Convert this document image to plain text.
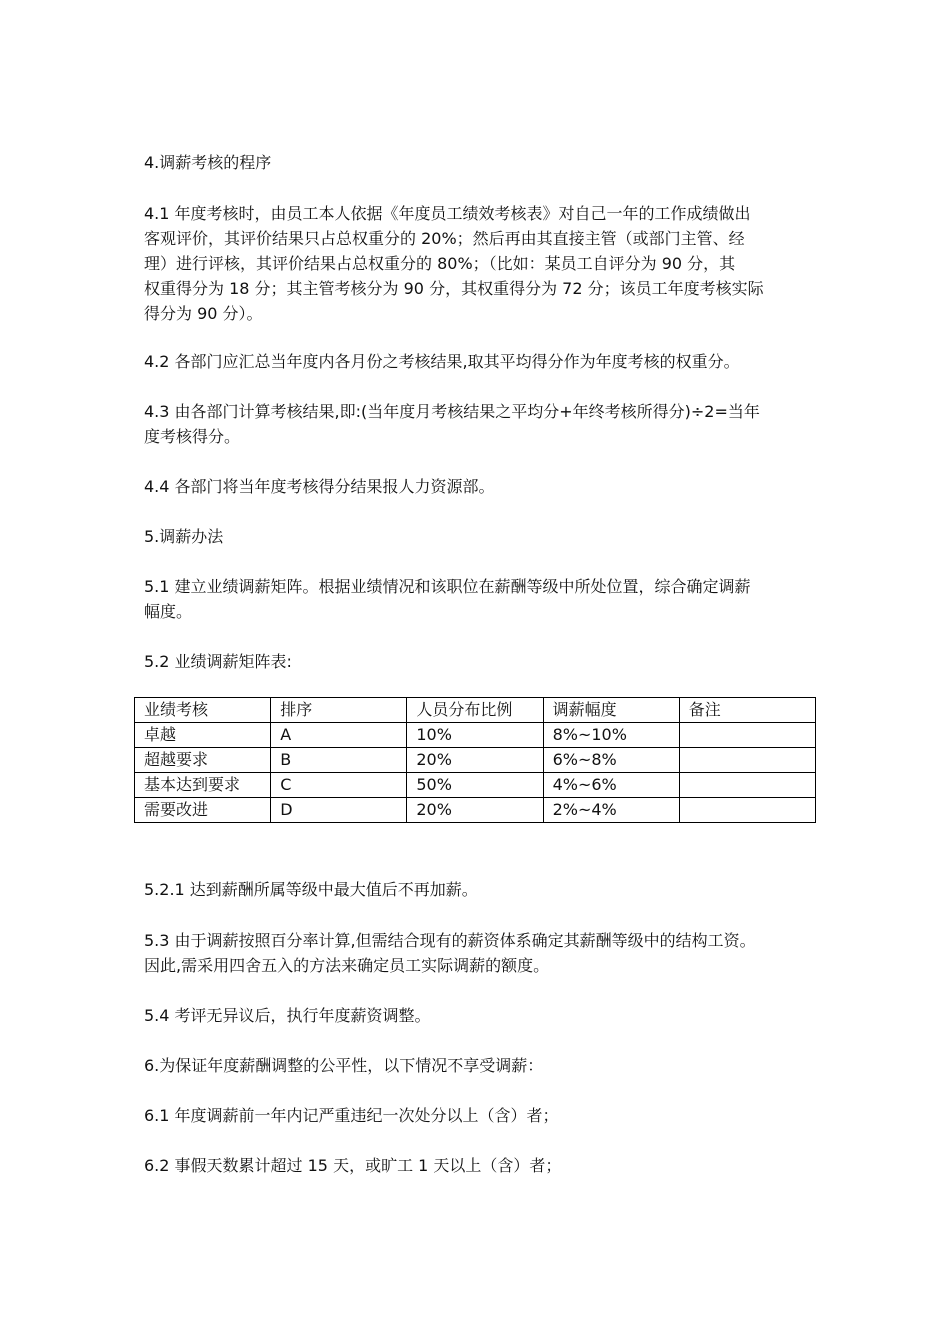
4.调薪考核的程序

4.1 年度考核时，由员工本人依据《年度员工绩效考核表》对自己一年的工作成绩做出
客观评价，其评价结果只占总权重分的 20%；然后再由其直接主管（或部门主管、经
理）进行评核，其评价结果占总权重分的 80%；（比如：某员工自评分为 90 分，其
权重得分为 18 分；其主管考核分为 90 分，其权重得分为 72 分；该员工年度考核实际
得分为 90 分）。

4.2 各部门应汇总当年度内各月份之考核结果,取其平均得分作为年度考核的权重分。

4.3 由各部门计算考核结果,即:(当年度月考核结果之平均分+年终考核所得分)÷2=当年
度考核得分。

4.4 各部门将当年度考核得分结果报人力资源部。

5.调薪办法

5.1 建立业绩调薪矩阵。根据业绩情况和该职位在薪酬等级中所处位置，综合确定调薪
幅度。

5.2 业绩调薪矩阵表:

业绩考核	排序	人员分布比例	调薪幅度	备注
卓越	A	10%	8%~10%	
超越要求	B	20%	6%~8%	
基本达到要求	C	50%	4%~6%	
需要改进	D	20%	2%~4%	

5.2.1 达到薪酬所属等级中最大值后不再加薪。

5.3 由于调薪按照百分率计算,但需结合现有的薪资体系确定其薪酬等级中的结构工资。
因此,需采用四舍五入的方法来确定员工实际调薪的额度。

5.4 考评无异议后，执行年度薪资调整。

6.为保证年度薪酬调整的公平性，以下情况不享受调薪：

6.1 年度调薪前一年内记严重违纪一次处分以上（含）者；

6.2 事假天数累计超过 15 天，或旷工 1 天以上（含）者；
